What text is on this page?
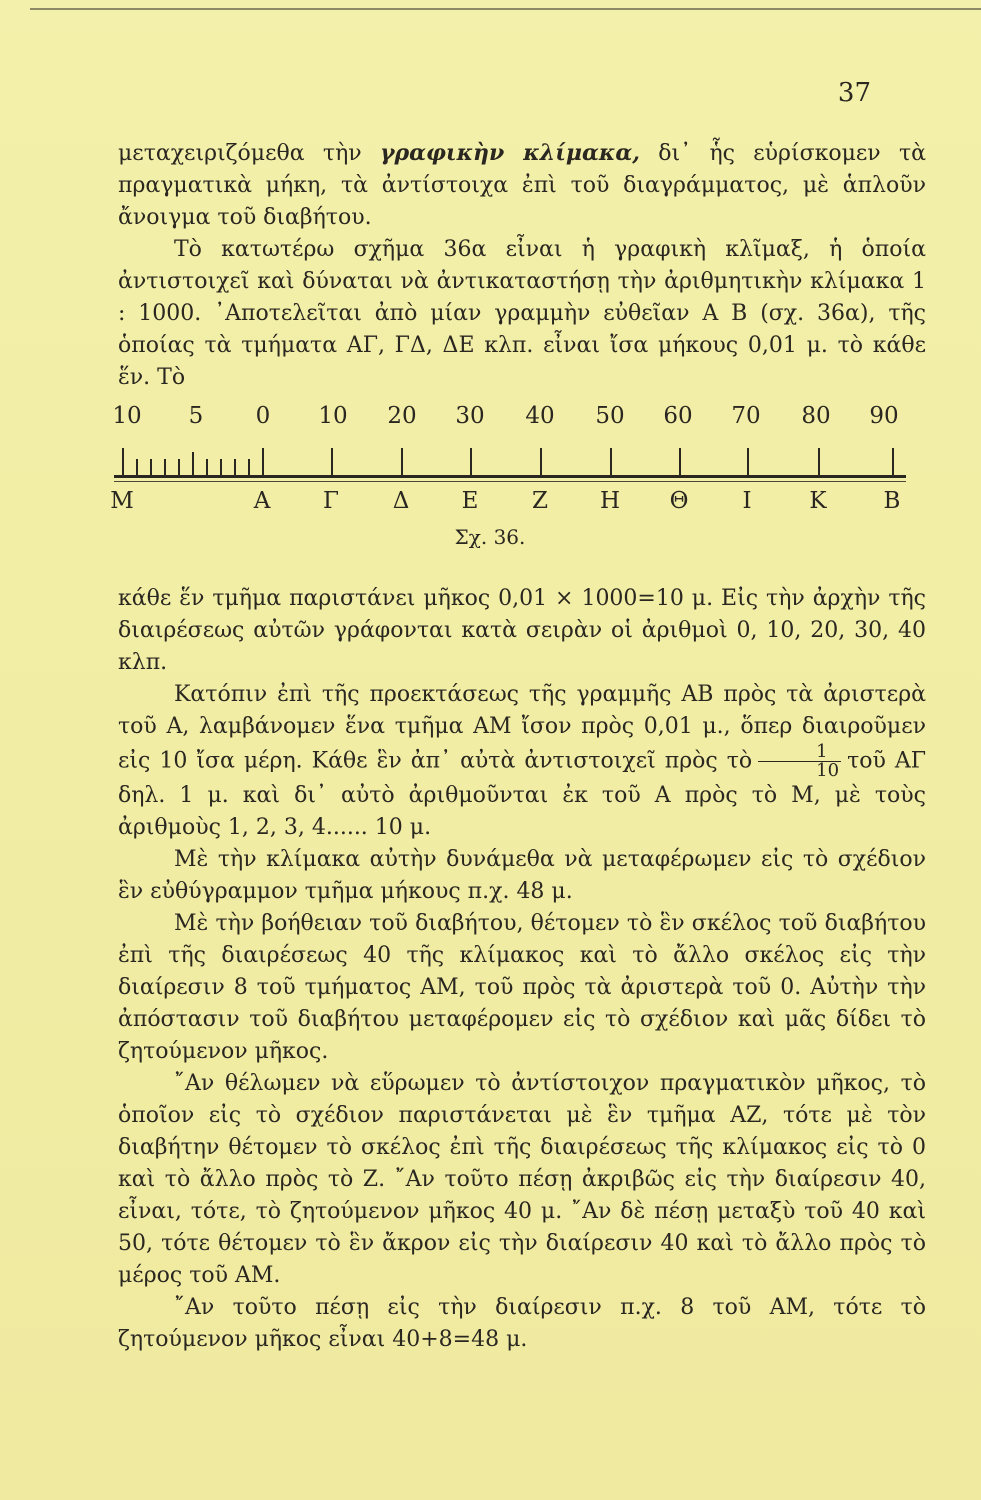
37

μεταχειριζόμεθα τὴν γραφικὴν κλίμακα, δι᾿ ἧς εὑρίσκομεν τὰ πραγματικὰ μήκη, τὰ ἀντίστοιχα ἐπὶ τοῦ διαγράμματος, μὲ ἁπλοῦν ἄνοιγμα τοῦ διαβήτου.

Τὸ κατωτέρω σχῆμα 36α εἶναι ἡ γραφικὴ κλῖμαξ, ἡ ὁποία ἀντιστοιχεῖ καὶ δύναται νὰ ἀντικαταστήσῃ τὴν ἀριθμητικὴν κλίμακα 1 : 1000. ᾿Αποτελεῖται ἀπὸ μίαν γραμμὴν εὐθεῖαν Α Β (σχ. 36α), τῆς ὁποίας τὰ τμήματα ΑΓ, ΓΔ, ΔΕ κλπ. εἶναι ἴσα μήκους 0,01 μ. τὸ κάθε ἕν. Τὸ

10 5 0 10 20 30 40 50 60 70 80 90
Μ	Α Γ Δ Ε Ζ Η Θ Ι	Κ Β
Σχ. 36.

κάθε ἕν τμῆμα παριστάνει μῆκος 0,01 × 1000=10 μ. Εἰς τὴν ἀρχὴν τῆς διαιρέσεως αὐτῶν γράφονται κατὰ σειρὰν οἱ ἀριθμοὶ 0, 10, 20, 30, 40 κλπ.

Κατόπιν ἐπὶ τῆς προεκτάσεως τῆς γραμμῆς ΑΒ πρὸς τὰ ἀριστερὰ τοῦ Α, λαμβάνομεν ἕνα τμῆμα ΑΜ ἴσον πρὸς 0,01 μ., ὅπερ διαιροῦμεν εἰς 10 ἴσα μέρη. Κάθε ἓν ἀπ᾿ αὐτὰ ἀντιστοιχεῖ πρὸς τὸ $\frac{1}{10}$ τοῦ ΑΓ δηλ. 1 μ. καὶ δι᾿ αὐτὸ ἀριθμοῦνται ἐκ τοῦ Α πρὸς τὸ Μ, μὲ τοὺς ἀριθμοὺς 1, 2, 3, 4...... 10 μ.

Μὲ τὴν κλίμακα αὐτὴν δυνάμεθα νὰ μεταφέρωμεν εἰς τὸ σχέδιον ἓν εὐθύγραμμον τμῆμα μήκους π.χ. 48 μ.

Μὲ τὴν βοήθειαν τοῦ διαβήτου, θέτομεν τὸ ἓν σκέλος τοῦ διαβήτου ἐπὶ τῆς διαιρέσεως 40 τῆς κλίμακος καὶ τὸ ἄλλο σκέλος εἰς τὴν διαίρεσιν 8 τοῦ τμήματος ΑΜ, τοῦ πρὸς τὰ ἀριστερὰ τοῦ 0. Αὐτὴν τὴν ἀπόστασιν τοῦ διαβήτου μεταφέρομεν εἰς τὸ σχέδιον καὶ μᾶς δίδει τὸ ζητούμενον μῆκος.

῎Αν θέλωμεν νὰ εὕρωμεν τὸ ἀντίστοιχον πραγματικὸν μῆκος, τὸ ὁποῖον εἰς τὸ σχέδιον παριστάνεται μὲ ἓν τμῆμα ΑΖ, τότε μὲ τὸν διαβήτην θέτομεν τὸ σκέλος ἐπὶ τῆς διαιρέσεως τῆς κλίμακος εἰς τὸ 0 καὶ τὸ ἄλλο πρὸς τὸ Ζ. ῎Αν τοῦτο πέσῃ ἀκριβῶς εἰς τὴν διαίρεσιν 40, εἶναι, τότε, τὸ ζητούμενον μῆκος 40 μ. ῎Αν δὲ πέσῃ μεταξὺ τοῦ 40 καὶ 50, τότε θέτομεν τὸ ἓν ἄκρον εἰς τὴν διαίρεσιν 40 καὶ τὸ ἄλλο πρὸς τὸ μέρος τοῦ ΑΜ.

῎Αν τοῦτο πέσῃ εἰς τὴν διαίρεσιν π.χ. 8 τοῦ ΑΜ, τότε τὸ ζητούμενον μῆκος εἶναι 40+8=48 μ.
